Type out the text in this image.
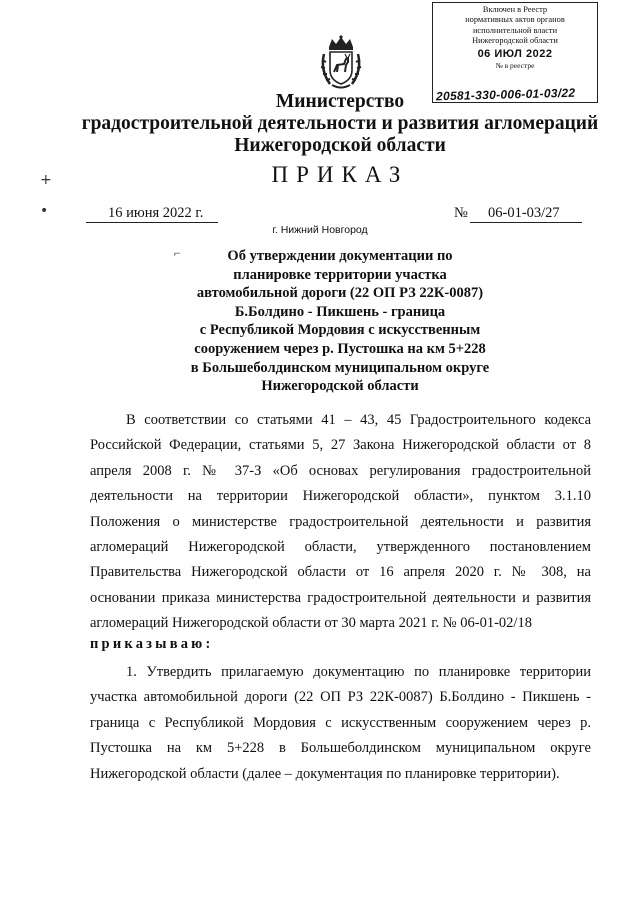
Включен в Реестр
нормативных актов органов
исполнительной власти
Нижегородской области
06 ИЮЛ 2022
№ в реестре
20581-330-006-01-03/22
Министерство
градостроительной деятельности и развития агломераций
Нижегородской области
ПРИКАЗ
16 июня 2022 г.	№ 06-01-03/27
г. Нижний Новгород
⌐	Об утверждении документации по
планировке территории участка
автомобильной дороги (22 ОП РЗ 22К-0087)
Б.Болдино - Пикшень - граница
с Республикой Мордовия с искусственным
сооружением через р. Пустошка на км 5+228
в Большеболдинском муниципальном округе
Нижегородской области
В соответствии со статьями 41 – 43, 45 Градостроительного кодекса Российской Федерации, статьями 5, 27 Закона Нижегородской области от 8 апреля 2008 г. № 37-З «Об основах регулирования градостроительной деятельности на территории Нижегородской области», пунктом 3.1.10 Положения о министерстве градостроительной деятельности и развития агломераций Нижегородской области, утвержденного постановлением Правительства Нижегородской области от 16 апреля 2020 г. № 308, на основании приказа министерства градостроительной деятельности и развития агломераций Нижегородской области от 30 марта 2021 г. № 06-01-02/18
приказываю:
1. Утвердить прилагаемую документацию по планировке территории участка автомобильной дороги (22 ОП РЗ 22К-0087) Б.Болдино - Пикшень - граница с Республикой Мордовия с искусственным сооружением через р. Пустошка на км 5+228 в Большеболдинском муниципальном округе Нижегородской области (далее – документация по планировке территории).
+
•
